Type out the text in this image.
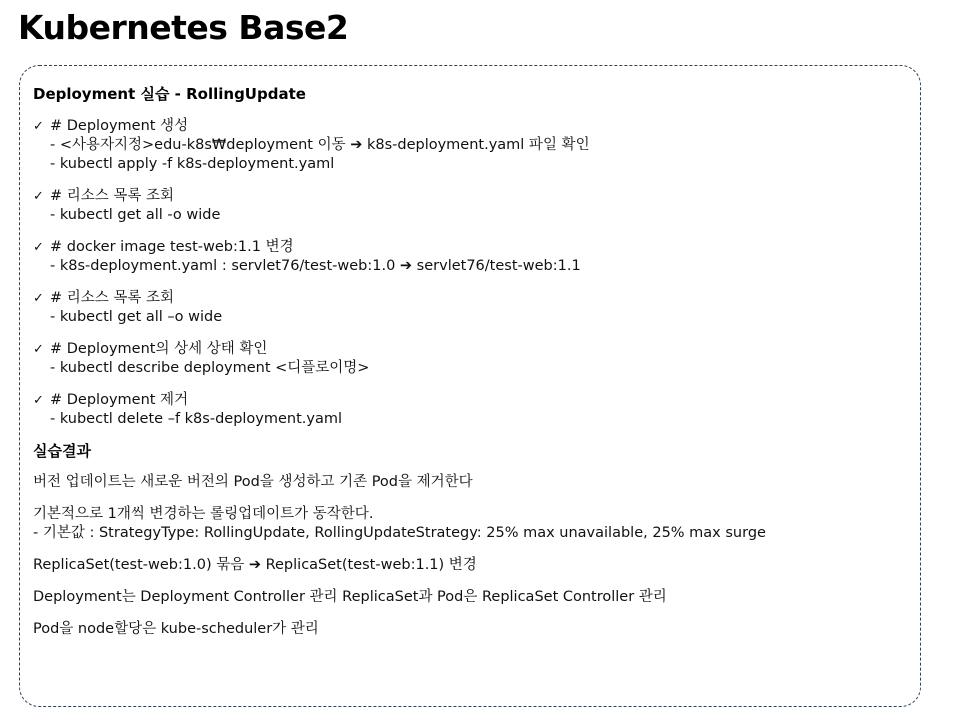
Kubernetes Base2
Deployment 실습 - RollingUpdate
✓ # Deployment 생성
- <사용자지정>edu-k8s₩deployment 이동 ➔ k8s-deployment.yaml 파일 확인
- kubectl apply -f k8s-deployment.yaml
✓ # 리소스 목록 조회
- kubectl get all -o wide
✓ # docker image test-web:1.1 변경
- k8s-deployment.yaml : servlet76/test-web:1.0 ➔ servlet76/test-web:1.1
✓ # 리소스 목록 조회
- kubectl get all –o wide
✓ # Deployment의 상세 상태 확인
- kubectl describe deployment <디플로이명>
✓ # Deployment 제거
- kubectl delete –f k8s-deployment.yaml
실습결과
버전 업데이트는 새로운 버전의 Pod을 생성하고 기존 Pod을 제거한다
기본적으로 1개씩 변경하는 롤링업데이트가 동작한다.
- 기본값 : StrategyType: RollingUpdate, RollingUpdateStrategy: 25% max unavailable, 25% max surge
ReplicaSet(test-web:1.0) 묶음 ➔ ReplicaSet(test-web:1.1) 변경
Deployment는 Deployment Controller 관리 ReplicaSet과 Pod은 ReplicaSet Controller 관리
Pod을 node할당은 kube-scheduler가 관리
